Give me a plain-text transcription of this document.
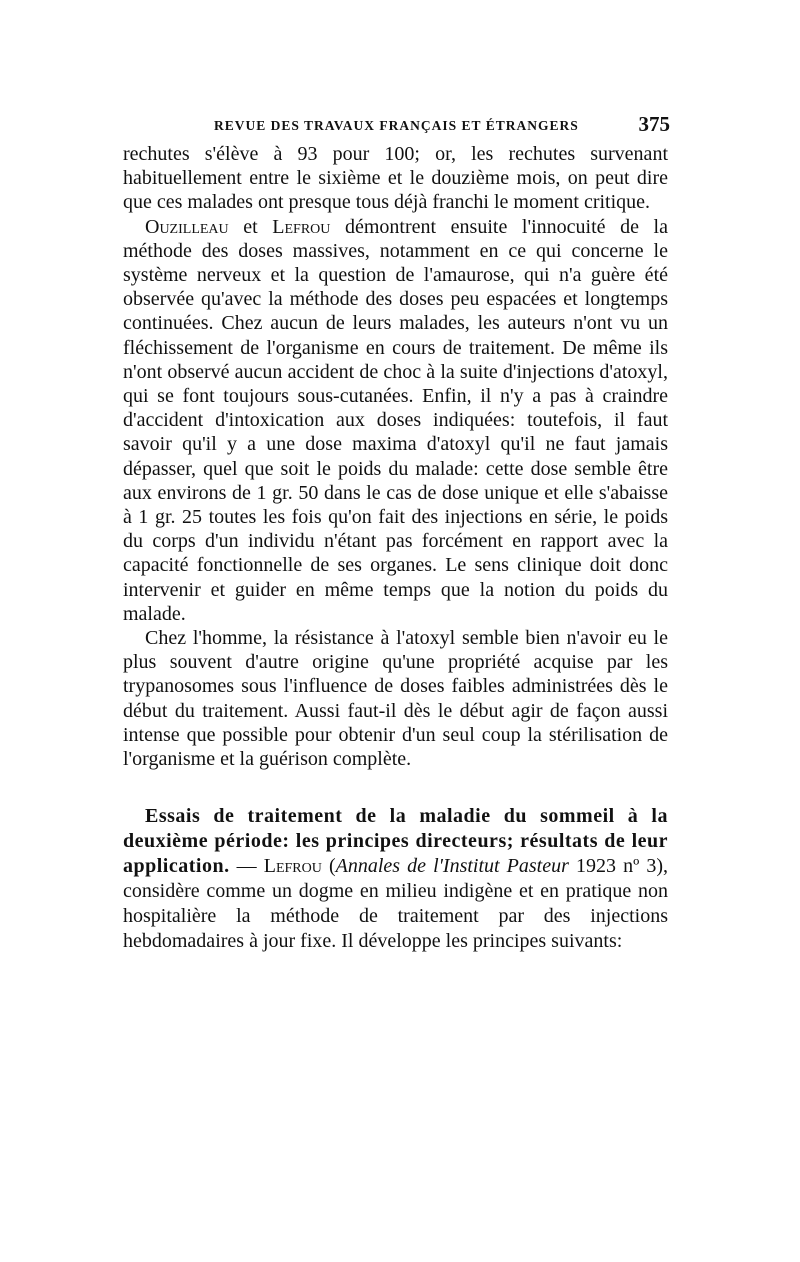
REVUE DES TRAVAUX FRANÇAIS ET ÉTRANGERS	375

rechutes s'élève à 93 pour 100; or, les rechutes survenant habituellement entre le sixième et le douzième mois, on peut dire que ces malades ont presque tous déjà franchi le moment critique.

Ouzilleau et Lefrou démontrent ensuite l'innocuité de la méthode des doses massives, notamment en ce qui concerne le système nerveux et la question de l'amaurose, qui n'a guère été observée qu'avec la méthode des doses peu espacées et longtemps continuées. Chez aucun de leurs malades, les auteurs n'ont vu un fléchissement de l'organisme en cours de traitement. De même ils n'ont observé aucun accident de choc à la suite d'injections d'atoxyl, qui se font toujours sous-cutanées. Enfin, il n'y a pas à craindre d'accident d'intoxication aux doses indiquées: toutefois, il faut savoir qu'il y a une dose maxima d'atoxyl qu'il ne faut jamais dépasser, quel que soit le poids du malade: cette dose semble être aux environs de 1 gr. 50 dans le cas de dose unique et elle s'abaisse à 1 gr. 25 toutes les fois qu'on fait des injections en série, le poids du corps d'un individu n'étant pas forcément en rapport avec la capacité fonctionnelle de ses organes. Le sens clinique doit donc intervenir et guider en même temps que la notion du poids du malade.

Chez l'homme, la résistance à l'atoxyl semble bien n'avoir eu le plus souvent d'autre origine qu'une propriété acquise par les trypanosomes sous l'influence de doses faibles administrées dès le début du traitement. Aussi faut-il dès le début agir de façon aussi intense que possible pour obtenir d'un seul coup la stérilisation de l'organisme et la guérison complète.

Essais de traitement de la maladie du sommeil à la deuxième période: les principes directeurs; résultats de leur application. — Lefrou (Annales de l'Institut Pasteur 1923 nº 3), considère comme un dogme en milieu indigène et en pratique non hospitalière la méthode de traitement par des injections hebdomadaires à jour fixe. Il développe les principes suivants:
